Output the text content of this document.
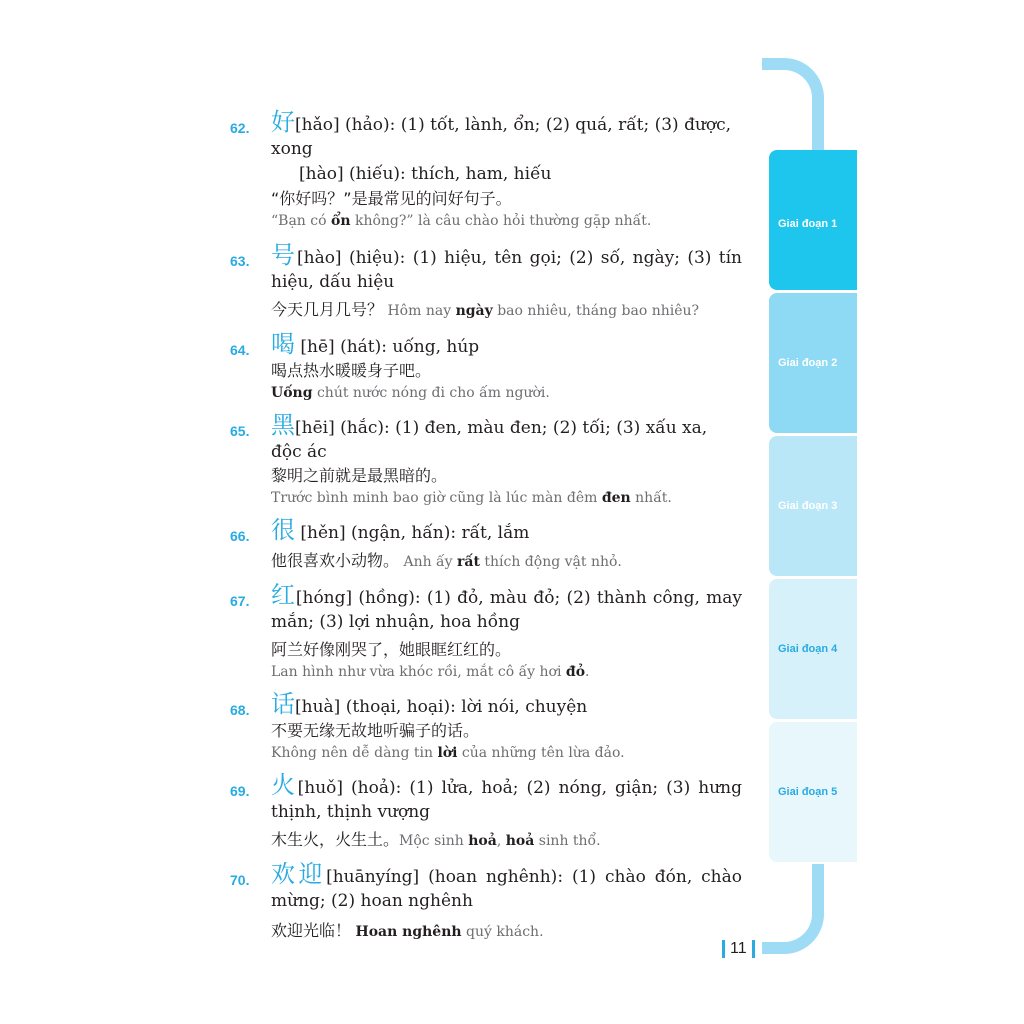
Giai đoạn 1
Giai đoạn 2
Giai đoạn 3
Giai đoạn 4
Giai đoạn 5
11
62. 好[hǎo] (hảo): (1) tốt, lành, ổn; (2) quá, rất; (3) được, xong
[hào] (hiếu): thích, ham, hiếu
“你好吗？”是最常见的问好句子。
“Bạn có ổn không?” là câu chào hỏi thường gặp nhất.
63. 号[hào] (hiệu): (1) hiệu, tên gọi; (2) số, ngày; (3) tín hiệu, dấu hiệu
今天几月几号？ Hôm nay ngày bao nhiêu, tháng bao nhiêu?
64. 喝 [hē] (hát): uống, húp
喝点热水暖暖身子吧。
Uống chút nước nóng đi cho ấm người.
65. 黑[hēi] (hắc): (1) đen, màu đen; (2) tối; (3) xấu xa, độc ác
黎明之前就是最黑暗的。
Trước bình minh bao giờ cũng là lúc màn đêm đen nhất.
66. 很 [hěn] (ngận, hấn): rất, lắm
他很喜欢小动物。 Anh ấy rất thích động vật nhỏ.
67. 红[hóng] (hồng): (1) đỏ, màu đỏ; (2) thành công, may mắn; (3) lợi nhuận, hoa hồng
阿兰好像刚哭了，她眼眶红红的。
Lan hình như vừa khóc rồi, mắt cô ấy hơi đỏ.
68. 话[huà] (thoại, hoại): lời nói, chuyện
不要无缘无故地听骗子的话。
Không nên dễ dàng tin lời của những tên lừa đảo.
69. 火[huǒ] (hoả): (1) lửa, hoả; (2) nóng, giận; (3) hưng thịnh, thịnh vượng
木生火，火生土。Mộc sinh hoả, hoả sinh thổ.
70. 欢迎[huānyíng] (hoan nghênh): (1) chào đón, chào mừng; (2) hoan nghênh
欢迎光临！ Hoan nghênh quý khách.
